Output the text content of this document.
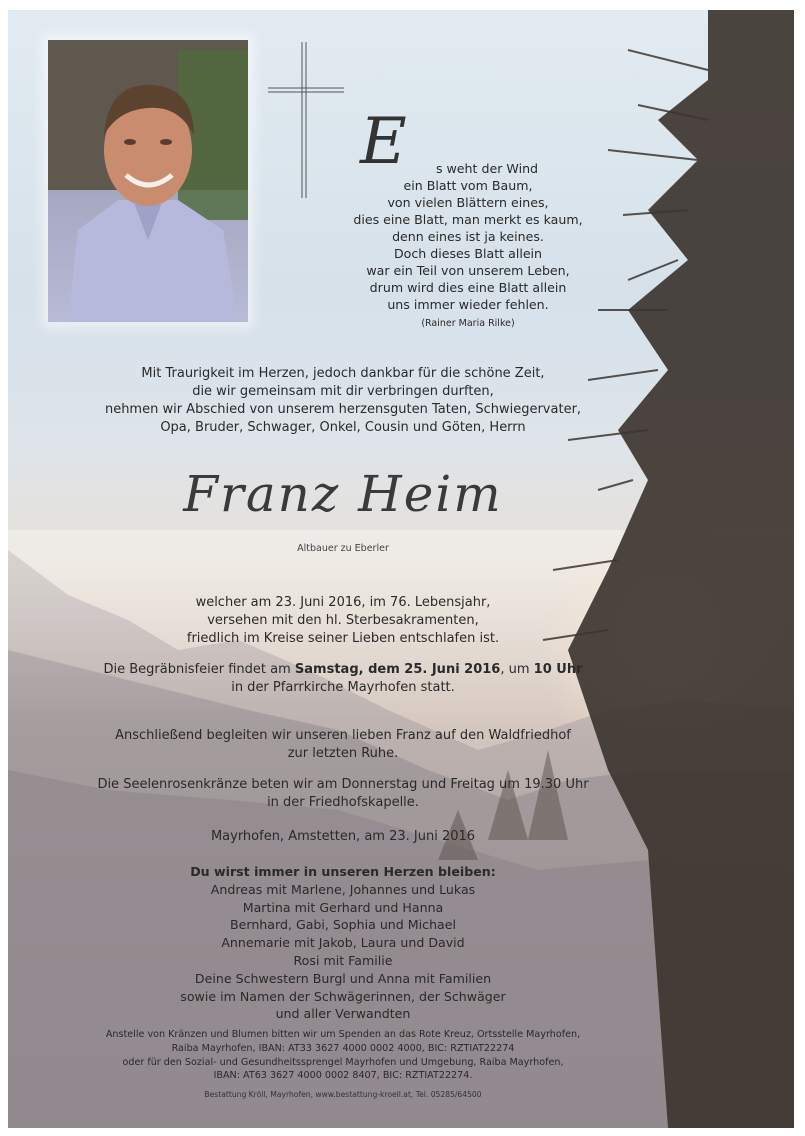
E	s weht der Wind
ein Blatt vom Baum,
von vielen Blättern eines,
dies eine Blatt, man merkt es kaum,
denn eines ist ja keines.
Doch dieses Blatt allein
war ein Teil von unserem Leben,
drum wird dies eine Blatt allein
uns immer wieder fehlen.
(Rainer Maria Rilke)
Mit Traurigkeit im Herzen, jedoch dankbar für die schöne Zeit,
die wir gemeinsam mit dir verbringen durften,
nehmen wir Abschied von unserem herzensguten Taten, Schwiegervater,
Opa, Bruder, Schwager, Onkel, Cousin und Göten, Herrn
Franz Heim
Altbauer zu Eberler
welcher am 23. Juni 2016, im 76. Lebensjahr,
versehen mit den hl. Sterbesakramenten,
friedlich im Kreise seiner Lieben entschlafen ist.
Die Begräbnisfeier findet am Samstag, dem 25. Juni 2016, um 10 Uhr
in der Pfarrkirche Mayrhofen statt.
Anschließend begleiten wir unseren lieben Franz auf den Waldfriedhof
zur letzten Ruhe.
Die Seelenrosenkränze beten wir am Donnerstag und Freitag um 19.30 Uhr
in der Friedhofskapelle.
Mayrhofen, Amstetten, am 23. Juni 2016
Du wirst immer in unseren Herzen bleiben:
Andreas mit Marlene, Johannes und Lukas
Martina mit Gerhard und Hanna
Bernhard, Gabi, Sophia und Michael
Annemarie mit Jakob, Laura und David
Rosi mit Familie
Deine Schwestern Burgl und Anna mit Familien
sowie im Namen der Schwägerinnen, der Schwäger
und aller Verwandten
Anstelle von Kränzen und Blumen bitten wir um Spenden an das Rote Kreuz, Ortsstelle Mayrhofen,
Raiba Mayrhofen, IBAN: AT33 3627 4000 0002 4000, BIC: RZTIAT22274
oder für den Sozial- und Gesundheitssprengel Mayrhofen und Umgebung, Raiba Mayrhofen,
IBAN: AT63 3627 4000 0002 8407, BIC: RZTIAT22274.
Bestattung Kröll, Mayrhofen, www.bestattung-kroell.at, Tel. 05285/64500
